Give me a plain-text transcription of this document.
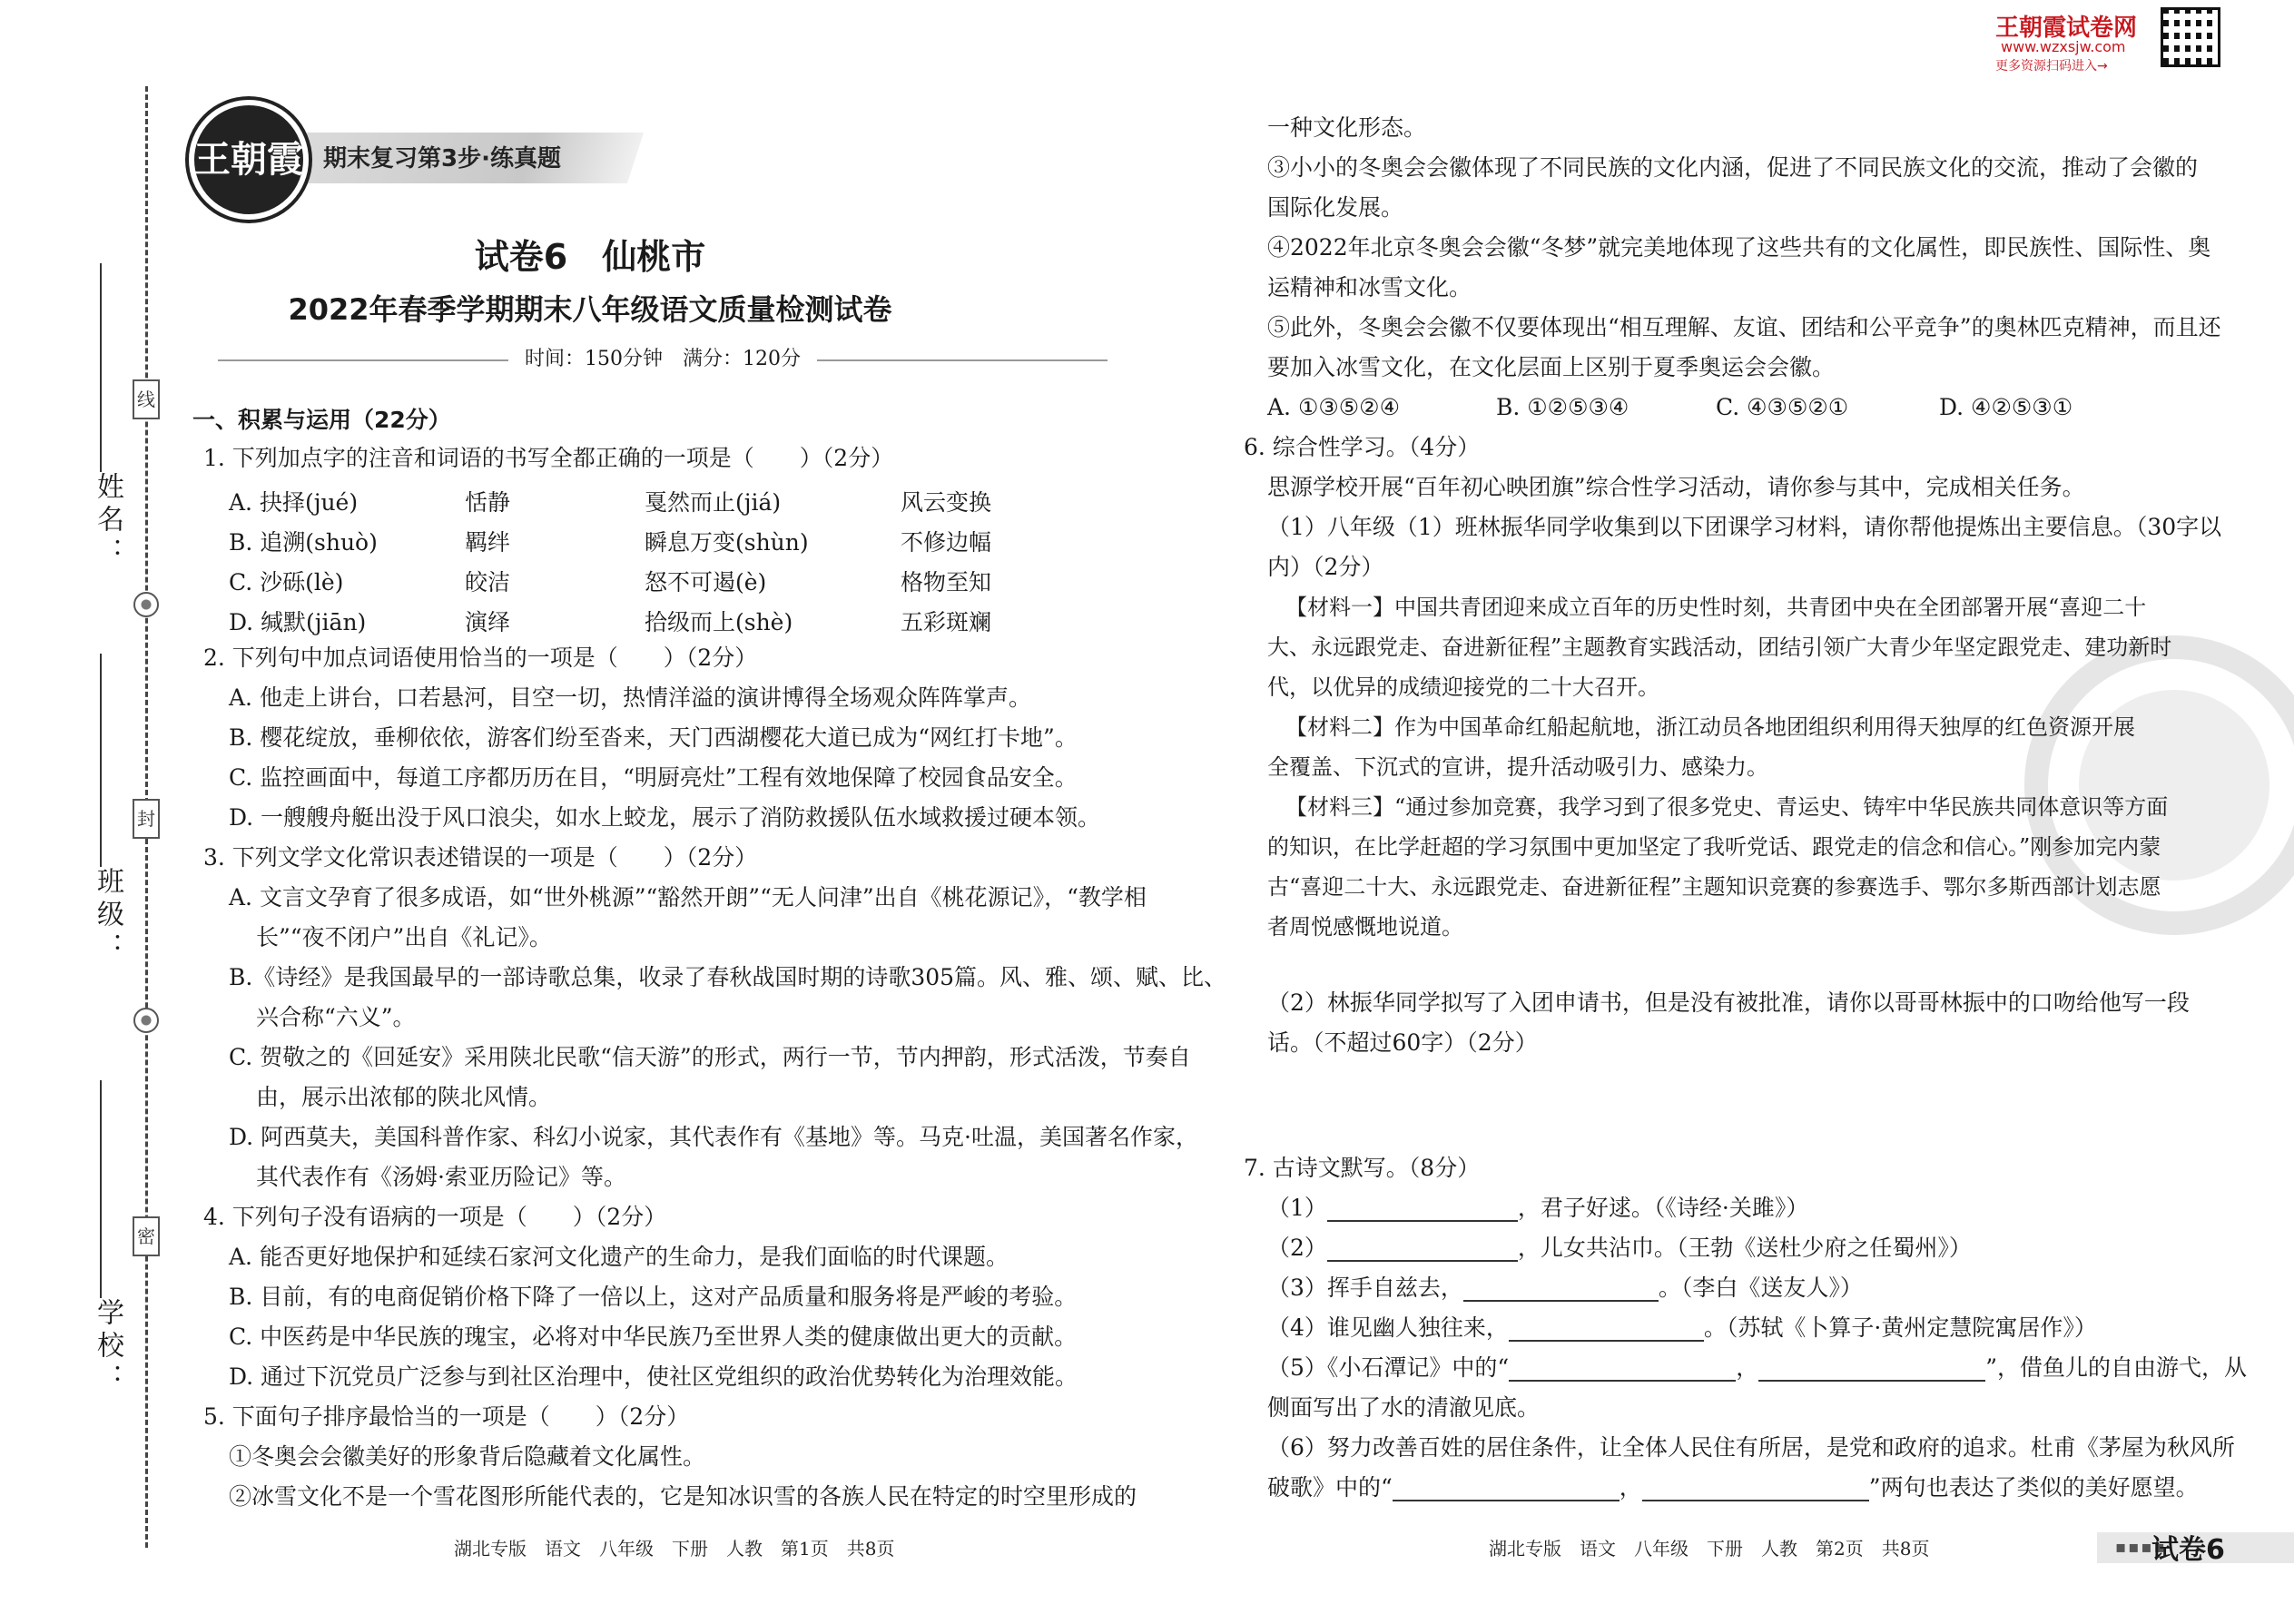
姓名：
线
班级：
封
学校：
密
王朝霞 期末复习第3步·练真题
试卷6　仙桃市
2022年春季学期期末八年级语文质量检测试卷
时间：150分钟　满分：120分
一、积累与运用（22分）
1. 下列加点字的注音和词语的书写全都正确的一项是（　　）（2分）
A. 抉择(jué)	恬静	戛然而止(jiá)	风云变换
B. 追溯(shuò)	羁绊	瞬息万变(shùn)	不修边幅
C. 沙砾(lè)	皎洁	怒不可遏(è)	格物至知
D. 缄默(jiān)	演绎	拾级而上(shè)	五彩斑斓
2. 下列句中加点词语使用恰当的一项是（　　）（2分）
A. 他走上讲台，口若悬河，目空一切，热情洋溢的演讲博得全场观众阵阵掌声。
B. 樱花绽放，垂柳依依，游客们纷至沓来，天门西湖樱花大道已成为“网红打卡地”。
C. 监控画面中，每道工序都历历在目，“明厨亮灶”工程有效地保障了校园食品安全。
D. 一艘艘舟艇出没于风口浪尖，如水上蛟龙，展示了消防救援队伍水域救援过硬本领。
3. 下列文学文化常识表述错误的一项是（　　）（2分）
A. 文言文孕育了很多成语，如“世外桃源”“豁然开朗”“无人问津”出自《桃花源记》，“教学相
长”“夜不闭户”出自《礼记》。
B.《诗经》是我国最早的一部诗歌总集，收录了春秋战国时期的诗歌305篇。风、雅、颂、赋、比、
兴合称“六义”。
C. 贺敬之的《回延安》采用陕北民歌“信天游”的形式，两行一节，节内押韵，形式活泼，节奏自
由，展示出浓郁的陕北风情。
D. 阿西莫夫，美国科普作家、科幻小说家，其代表作有《基地》等。马克·吐温，美国著名作家，
其代表作有《汤姆·索亚历险记》等。
4. 下列句子没有语病的一项是（　　）（2分）
A. 能否更好地保护和延续石家河文化遗产的生命力，是我们面临的时代课题。
B. 目前，有的电商促销价格下降了一倍以上，这对产品质量和服务将是严峻的考验。
C. 中医药是中华民族的瑰宝，必将对中华民族乃至世界人类的健康做出更大的贡献。
D. 通过下沉党员广泛参与到社区治理中，使社区党组织的政治优势转化为治理效能。
5. 下面句子排序最恰当的一项是（　　）（2分）
①冬奥会会徽美好的形象背后隐藏着文化属性。
②冰雪文化不是一个雪花图形所能代表的，它是知冰识雪的各族人民在特定的时空里形成的
湖北专版　语文　八年级　下册　人教　第1页　共8页
王朝霞试卷网
www.wzxsjw.com
更多资源扫码进入→
一种文化形态。
③小小的冬奥会会徽体现了不同民族的文化内涵，促进了不同民族文化的交流，推动了会徽的
国际化发展。
④2022年北京冬奥会会徽“冬梦”就完美地体现了这些共有的文化属性，即民族性、国际性、奥
运精神和冰雪文化。
⑤此外，冬奥会会徽不仅要体现出“相互理解、友谊、团结和公平竞争”的奥林匹克精神，而且还
要加入冰雪文化，在文化层面上区别于夏季奥运会会徽。
A. ①③⑤②④	B. ①②⑤③④	C. ④③⑤②①	D. ④②⑤③①
6. 综合性学习。（4分）
思源学校开展“百年初心映团旗”综合性学习活动，请你参与其中，完成相关任务。
（1）八年级（1）班林振华同学收集到以下团课学习材料，请你帮他提炼出主要信息。（30字以
内）（2分）
【材料一】中国共青团迎来成立百年的历史性时刻，共青团中央在全团部署开展“喜迎二十
大、永远跟党走、奋进新征程”主题教育实践活动，团结引领广大青少年坚定跟党走、建功新时
代，以优异的成绩迎接党的二十大召开。
【材料二】作为中国革命红船起航地，浙江动员各地团组织利用得天独厚的红色资源开展
全覆盖、下沉式的宣讲，提升活动吸引力、感染力。
【材料三】“通过参加竞赛，我学习到了很多党史、青运史、铸牢中华民族共同体意识等方面
的知识，在比学赶超的学习氛围中更加坚定了我听党话、跟党走的信念和信心。”刚参加完内蒙
古“喜迎二十大、永远跟党走、奋进新征程”主题知识竞赛的参赛选手、鄂尔多斯西部计划志愿
者周悦感慨地说道。
（2）林振华同学拟写了入团申请书，但是没有被批准，请你以哥哥林振中的口吻给他写一段
话。（不超过60字）（2分）
7. 古诗文默写。（8分）
（1）	，君子好逑。（《诗经·关雎》）
（2）	，儿女共沾巾。（王勃《送杜少府之任蜀州》）
（3）挥手自兹去，	。（李白《送友人》）
（4）谁见幽人独往来，	。（苏轼《卜算子·黄州定慧院寓居作》）
（5）《小石潭记》中的“	，	”，借鱼儿的自由游弋，从
侧面写出了水的清澈见底。
（6）努力改善百姓的居住条件，让全体人民住有所居，是党和政府的追求。杜甫《茅屋为秋风所
破歌》中的“	，	”两句也表达了类似的美好愿望。
湖北专版　语文　八年级　下册　人教　第2页　共8页	▪▪▪▪
试卷6
